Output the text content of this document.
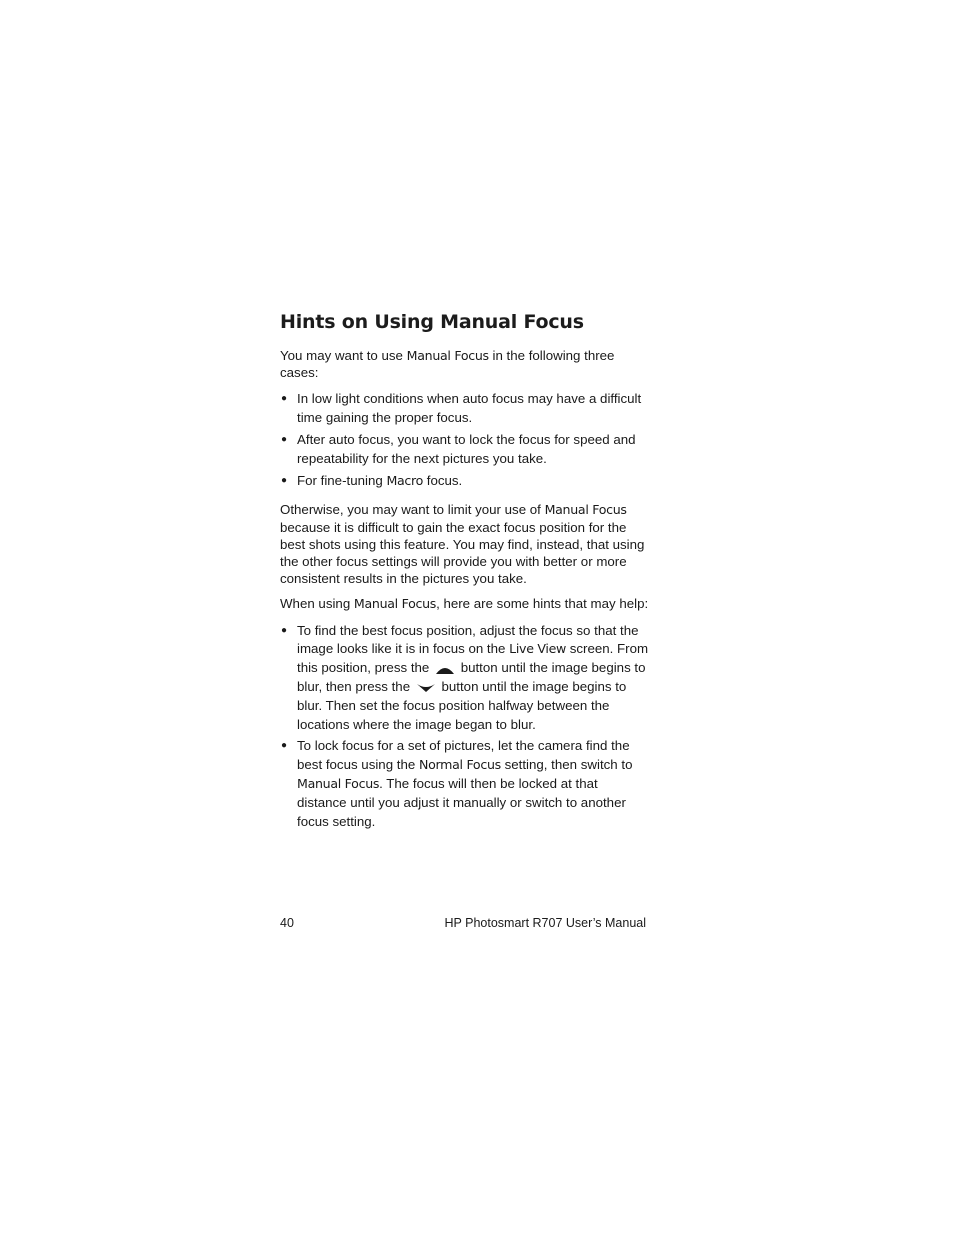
Hints on Using Manual Focus

You may want to use Manual Focus in the following three cases:

● In low light conditions when auto focus may have a difficult time gaining the proper focus.
● After auto focus, you want to lock the focus for speed and repeatability for the next pictures you take.
● For fine-tuning Macro focus.

Otherwise, you may want to limit your use of Manual Focus because it is difficult to gain the exact focus position for the best shots using this feature. You may find, instead, that using the other focus settings will provide you with better or more consistent results in the pictures you take.

When using Manual Focus, here are some hints that may help:

● To find the best focus position, adjust the focus so that the image looks like it is in focus on the Live View screen. From this position, press the  button until the image begins to blur, then press the  button until the image begins to blur. Then set the focus position halfway between the locations where the image began to blur.
● To lock focus for a set of pictures, let the camera find the best focus using the Normal Focus setting, then switch to Manual Focus. The focus will then be locked at that distance until you adjust it manually or switch to another focus setting.
40	HP Photosmart R707 User’s Manual
